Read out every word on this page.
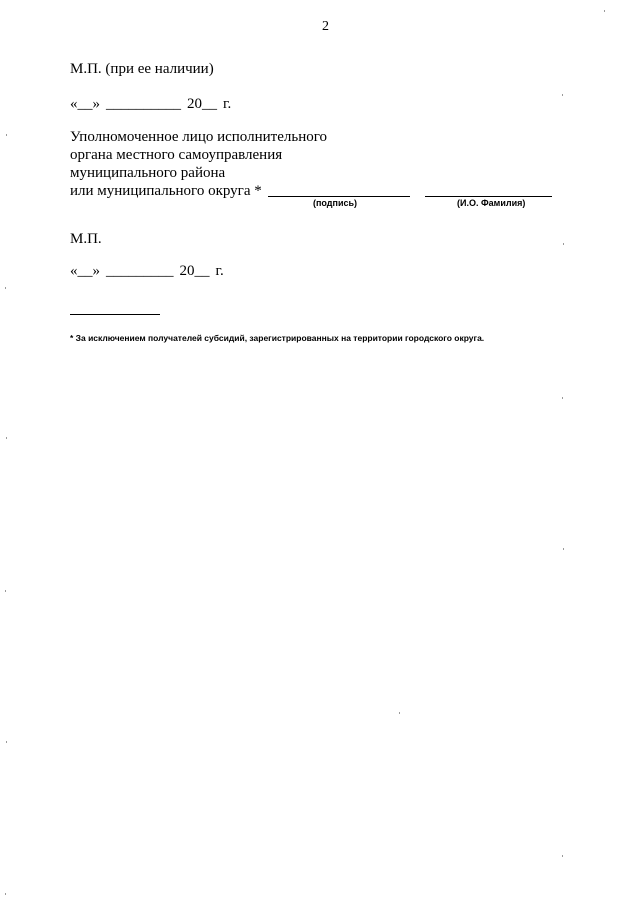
2
М.П. (при ее наличии)
«__» __________ 20__ г.
Уполномоченное лицо исполнительного
органа местного самоуправления
муниципального района
или муниципального округа *
(подпись)	(И.О. Фамилия)
М.П.
«__» _________ 20__ г.
* За исключением получателей субсидий, зарегистрированных на территории городского округа.
